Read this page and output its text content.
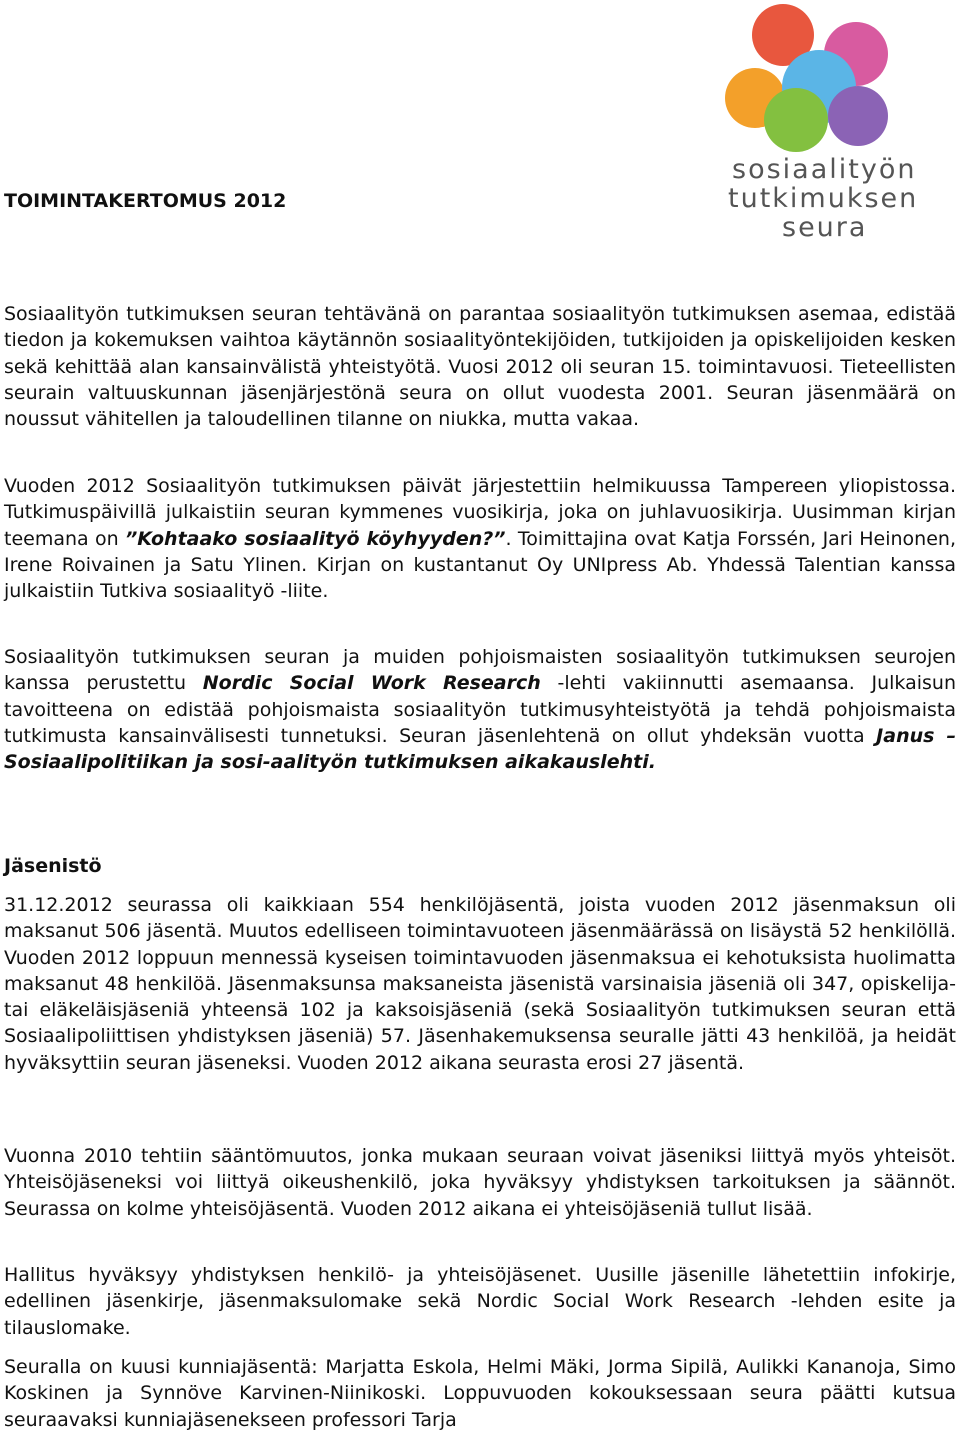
sosiaalityön
tutkimuksen
seura
TOIMINTAKERTOMUS 2012

Sosiaalityön tutkimuksen seuran tehtävänä on parantaa sosiaalityön tutkimuksen asemaa, edistää tiedon ja kokemuksen vaihtoa käytännön sosiaalityöntekijöiden, tutkijoiden ja opiskelijoiden kesken sekä kehittää alan kansainvälistä yhteistyötä. Vuosi 2012 oli seuran 15. toimintavuosi. Tieteellisten seurain valtuuskunnan jäsenjärjestönä seura on ollut vuodesta 2001. Seuran jäsenmäärä on noussut vähitellen ja taloudellinen tilanne on niukka, mutta vakaa.

Vuoden 2012 Sosiaalityön tutkimuksen päivät järjestettiin helmikuussa Tampereen yliopistossa. Tutkimuspäivillä julkaistiin seuran kymmenes vuosikirja, joka on juhlavuosikirja. Uusimman kirjan teemana on ”Kohtaako sosiaalityö köyhyyden?”. Toimittajina ovat Katja Forssén, Jari Heinonen, Irene Roivainen ja Satu Ylinen. Kirjan on kustantanut Oy UNIpress Ab. Yhdessä Talentian kanssa julkaistiin Tutkiva sosiaalityö -liite.

Sosiaalityön tutkimuksen seuran ja muiden pohjoismaisten sosiaalityön tutkimuksen seurojen kanssa perustettu Nordic Social Work Research -lehti vakiinnutti asemaansa. Julkaisun tavoitteena on edistää pohjoismaista sosiaalityön tutkimusyhteistyötä ja tehdä pohjoismaista tutkimusta kansainvälisesti tunnetuksi. Seuran jäsenlehtenä on ollut yhdeksän vuotta Janus – Sosiaalipolitiikan ja sosi-aalityön tutkimuksen aikakauslehti.

Jäsenistö

31.12.2012 seurassa oli kaikkiaan 554 henkilöjäsentä, joista vuoden 2012 jäsenmaksun oli maksanut 506 jäsentä. Muutos edelliseen toimintavuoteen jäsenmäärässä on lisäystä 52 henkilöllä. Vuoden 2012 loppuun mennessä kyseisen toimintavuoden jäsenmaksua ei kehotuksista huolimatta maksanut 48 henkilöä. Jäsenmaksunsa maksaneista jäsenistä varsinaisia jäseniä oli 347, opiskelija- tai eläkeläisjäseniä yhteensä 102 ja kaksoisjäseniä (sekä Sosiaalityön tutkimuksen seuran että Sosiaalipoliittisen yhdistyksen jäseniä) 57. Jäsenhakemuksensa seuralle jätti 43 henkilöä, ja heidät hyväksyttiin seuran jäseneksi. Vuoden 2012 aikana seurasta erosi 27 jäsentä.

Vuonna 2010 tehtiin sääntömuutos, jonka mukaan seuraan voivat jäseniksi liittyä myös yhteisöt. Yhteisöjäseneksi voi liittyä oikeushenkilö, joka hyväksyy yhdistyksen tarkoituksen ja säännöt. Seurassa on kolme yhteisöjäsentä. Vuoden 2012 aikana ei yhteisöjäseniä tullut lisää.

Hallitus hyväksyy yhdistyksen henkilö- ja yhteisöjäsenet. Uusille jäsenille lähetettiin infokirje, edellinen jäsenkirje, jäsenmaksulomake sekä Nordic Social Work Research -lehden esite ja tilauslomake.

Seuralla on kuusi kunniajäsentä: Marjatta Eskola, Helmi Mäki, Jorma Sipilä, Aulikki Kananoja, Simo Koskinen ja Synnöve Karvinen-Niinikoski. Loppuvuoden kokouksessaan seura päätti kutsua seuraavaksi kunniajäsenekseen professori Tarja
